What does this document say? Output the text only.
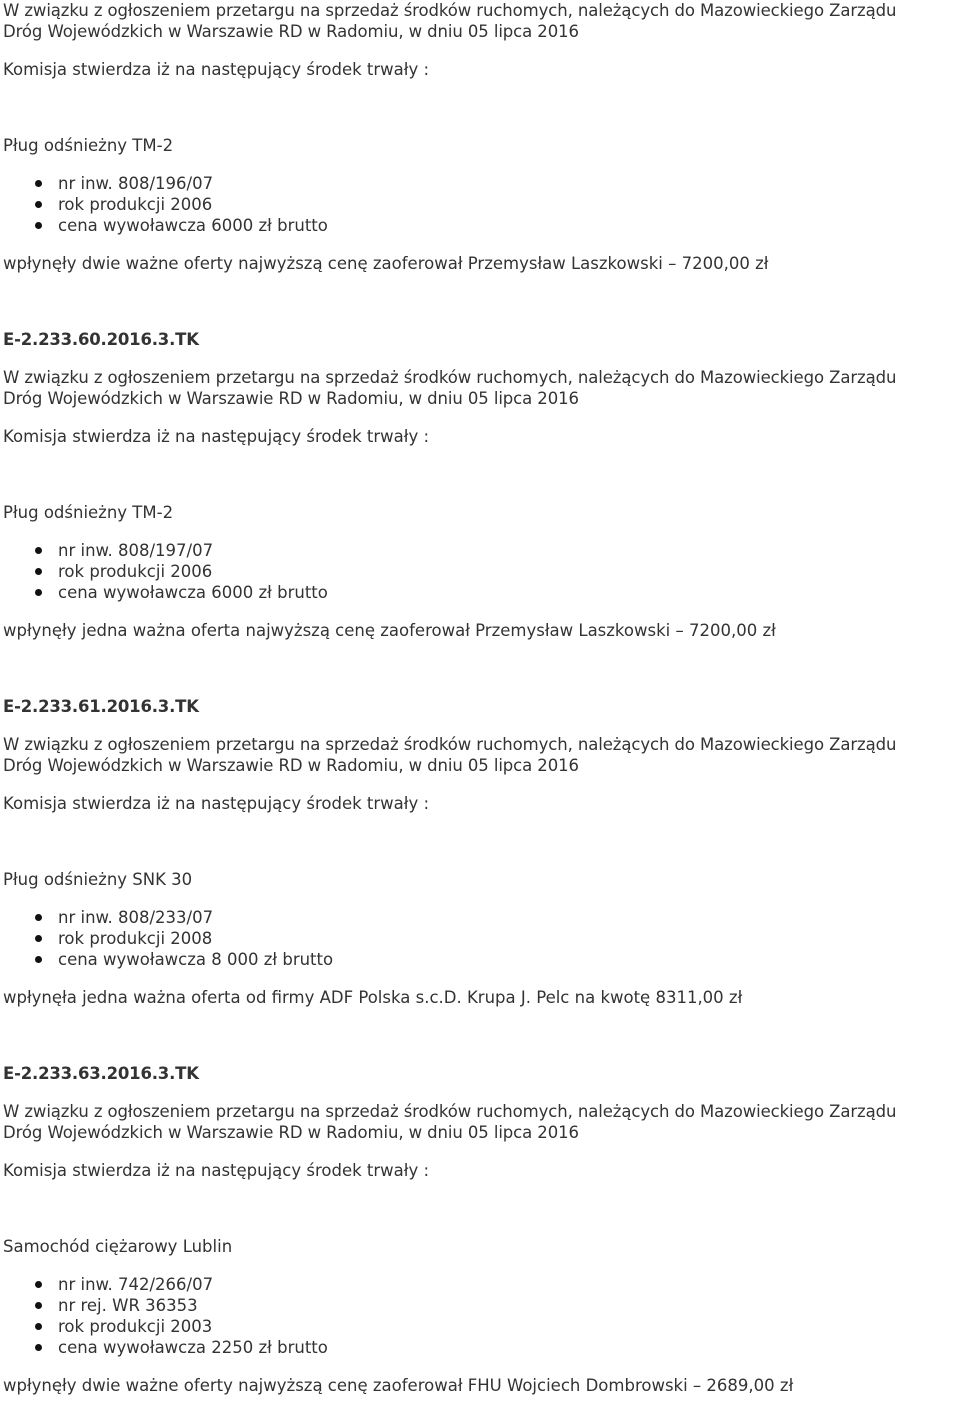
W związku z ogłoszeniem przetargu na sprzedaż środków ruchomych, należących do Mazowieckiego Zarządu
Dróg Wojewódzkich w Warszawie RD w Radomiu, w dniu 05 lipca 2016
Komisja stwierdza iż na następujący środek trwały :
Pług odśnieżny TM-2
nr inw. 808/196/07
rok produkcji 2006
cena wywoławcza 6000 zł brutto
wpłynęły dwie ważne oferty najwyższą cenę zaoferował Przemysław Laszkowski – 7200,00 zł
E-2.233.60.2016.3.TK
W związku z ogłoszeniem przetargu na sprzedaż środków ruchomych, należących do Mazowieckiego Zarządu
Dróg Wojewódzkich w Warszawie RD w Radomiu, w dniu 05 lipca 2016
Komisja stwierdza iż na następujący środek trwały :
Pług odśnieżny TM-2
nr inw. 808/197/07
rok produkcji 2006
cena wywoławcza 6000 zł brutto
wpłynęły jedna ważna oferta najwyższą cenę zaoferował Przemysław Laszkowski – 7200,00 zł
E-2.233.61.2016.3.TK
W związku z ogłoszeniem przetargu na sprzedaż środków ruchomych, należących do Mazowieckiego Zarządu
Dróg Wojewódzkich w Warszawie RD w Radomiu, w dniu 05 lipca 2016
Komisja stwierdza iż na następujący środek trwały :
Pług odśnieżny SNK 30
nr inw. 808/233/07
rok produkcji 2008
cena wywoławcza 8 000 zł brutto
wpłynęła jedna ważna oferta od firmy ADF Polska s.c.D. Krupa J. Pelc na kwotę 8311,00 zł
E-2.233.63.2016.3.TK
W związku z ogłoszeniem przetargu na sprzedaż środków ruchomych, należących do Mazowieckiego Zarządu
Dróg Wojewódzkich w Warszawie RD w Radomiu, w dniu 05 lipca 2016
Komisja stwierdza iż na następujący środek trwały :
Samochód ciężarowy Lublin
nr inw. 742/266/07
nr rej. WR 36353
rok produkcji 2003
cena wywoławcza 2250 zł brutto
wpłynęły dwie ważne oferty najwyższą cenę zaoferował FHU Wojciech Dombrowski – 2689,00 zł
